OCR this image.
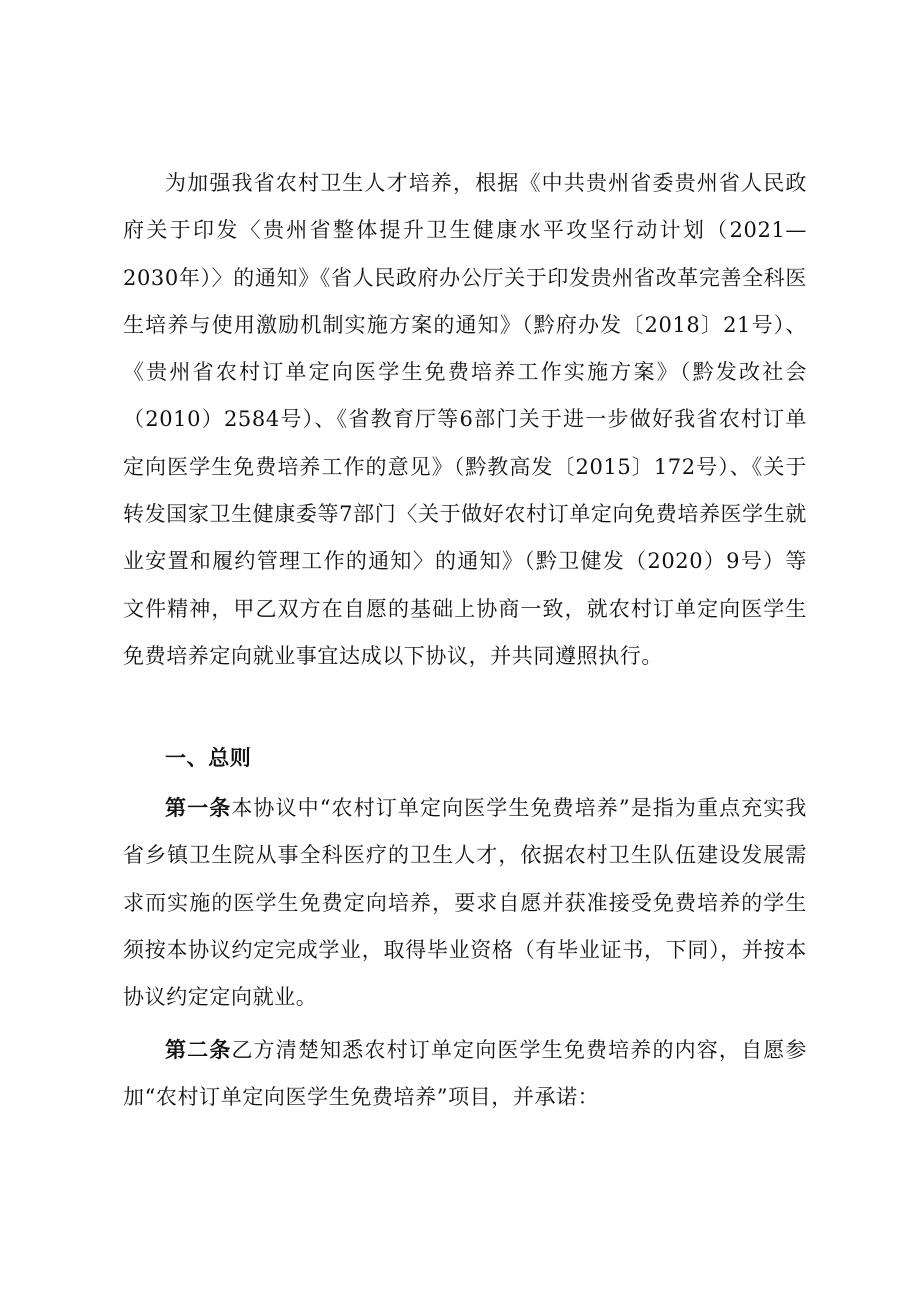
为加强我省农村卫生人才培养，根据《中共贵州省委贵州省人民政府关于印发〈贵州省整体提升卫生健康水平攻坚行动计划（2021—2030年）〉的通知》《省人民政府办公厅关于印发贵州省改革完善全科医生培养与使用激励机制实施方案的通知》（黔府办发〔2018〕21号）、《贵州省农村订单定向医学生免费培养工作实施方案》（黔发改社会（2010）2584号）、《省教育厅等6部门关于进一步做好我省农村订单定向医学生免费培养工作的意见》（黔教高发〔2015〕172号）、《关于转发国家卫生健康委等7部门〈关于做好农村订单定向免费培养医学生就业安置和履约管理工作的通知〉的通知》（黔卫健发（2020）9号）等文件精神，甲乙双方在自愿的基础上协商一致，就农村订单定向医学生免费培养定向就业事宜达成以下协议，并共同遵照执行。

一、总则

第一条本协议中“农村订单定向医学生免费培养”是指为重点充实我省乡镇卫生院从事全科医疗的卫生人才，依据农村卫生队伍建设发展需求而实施的医学生免费定向培养，要求自愿并获准接受免费培养的学生须按本协议约定完成学业，取得毕业资格（有毕业证书，下同），并按本协议约定定向就业。

第二条乙方清楚知悉农村订单定向医学生免费培养的内容，自愿参加“农村订单定向医学生免费培养”项目，并承诺：
